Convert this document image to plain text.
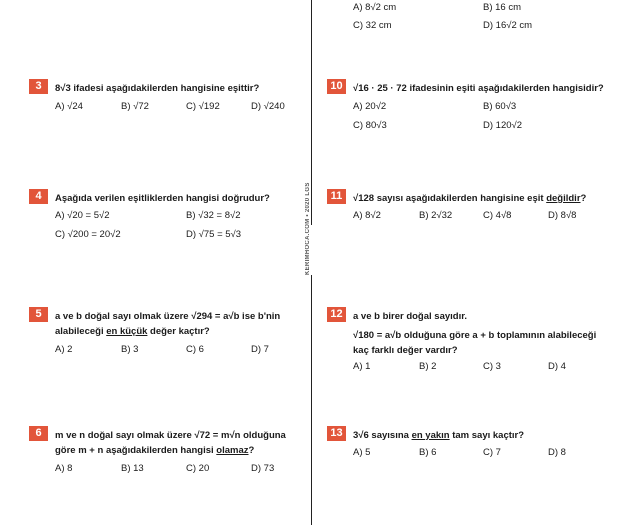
KERIMHOCA.COM • 2020 LGS
A) 8√2 cm	B) 16 cm
C) 32 cm	D) 16√2 cm
3	8√3 ifadesi aşağıdakilerden hangisine eşittir?
A) √24	B) √72	C) √192	D) √240
4	Aşağıda verilen eşitliklerden hangisi doğrudur?
A) √20 = 5√2	B) √32 = 8√2
C) √200 = 20√2	D) √75 = 5√3
5	a ve b doğal sayı olmak üzere √294 = a√b ise b'nin
alabileceği en küçük değer kaçtır?
A) 2	B) 3	C) 6	D) 7
6	m ve n doğal sayı olmak üzere √72 = m√n olduğuna
göre m + n aşağıdakilerden hangisi olamaz?
A) 8	B) 13	C) 20	D) 73
10	√16 · 25 · 72 ifadesinin eşiti aşağıdakilerden hangisidir?
A) 20√2	B) 60√3
C) 80√3	D) 120√2
11	√128 sayısı aşağıdakilerden hangisine eşit değildir?
A) 8√2	B) 2√32	C) 4√8	D) 8√8
12	a ve b birer doğal sayıdır.
√180 = a√b olduğuna göre a + b toplamının alabileceği
kaç farklı değer vardır?
A) 1	B) 2	C) 3	D) 4
13	3√6 sayısına en yakın tam sayı kaçtır?
A) 5	B) 6	C) 7	D) 8
